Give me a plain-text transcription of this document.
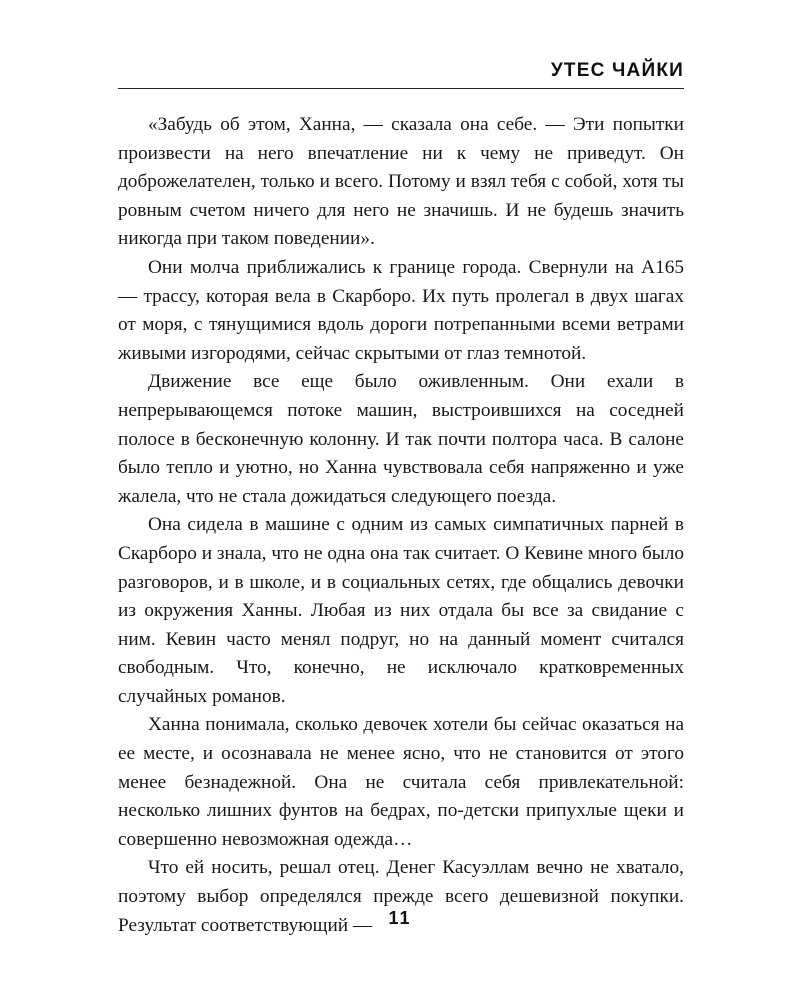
УТЕС ЧАЙКИ

«Забудь об этом, Ханна, — сказала она себе. — Эти попытки произвести на него впечатление ни к чему не приведут. Он доброжелателен, только и всего. Потому и взял тебя с собой, хотя ты ровным счетом ничего для него не значишь. И не будешь значить никогда при таком поведении».

Они молча приближались к границе города. Свернули на А165 — трассу, которая вела в Скарборо. Их путь пролегал в двух шагах от моря, с тянущимися вдоль дороги потрепанными всеми ветрами живыми изгородями, сейчас скрытыми от глаз темнотой.

Движение все еще было оживленным. Они ехали в непрерывающемся потоке машин, выстроившихся на соседней полосе в бесконечную колонну. И так почти полтора часа. В салоне было тепло и уютно, но Ханна чувствовала себя напряженно и уже жалела, что не стала дожидаться следующего поезда.

Она сидела в машине с одним из самых симпатичных парней в Скарборо и знала, что не одна она так считает. О Кевине много было разговоров, и в школе, и в социальных сетях, где общались девочки из окружения Ханны. Любая из них отдала бы все за свидание с ним. Кевин часто менял подруг, но на данный момент считался свободным. Что, конечно, не исключало кратковременных случайных романов.

Ханна понимала, сколько девочек хотели бы сейчас оказаться на ее месте, и осознавала не менее ясно, что не становится от этого менее безнадежной. Она не считала себя привлекательной: несколько лишних фунтов на бедрах, по-детски припухлые щеки и совершенно невозможная одежда…

Что ей носить, решал отец. Денег Касуэллам вечно не хватало, поэтому выбор определялся прежде всего дешевизной покупки. Результат соответствующий — 11
